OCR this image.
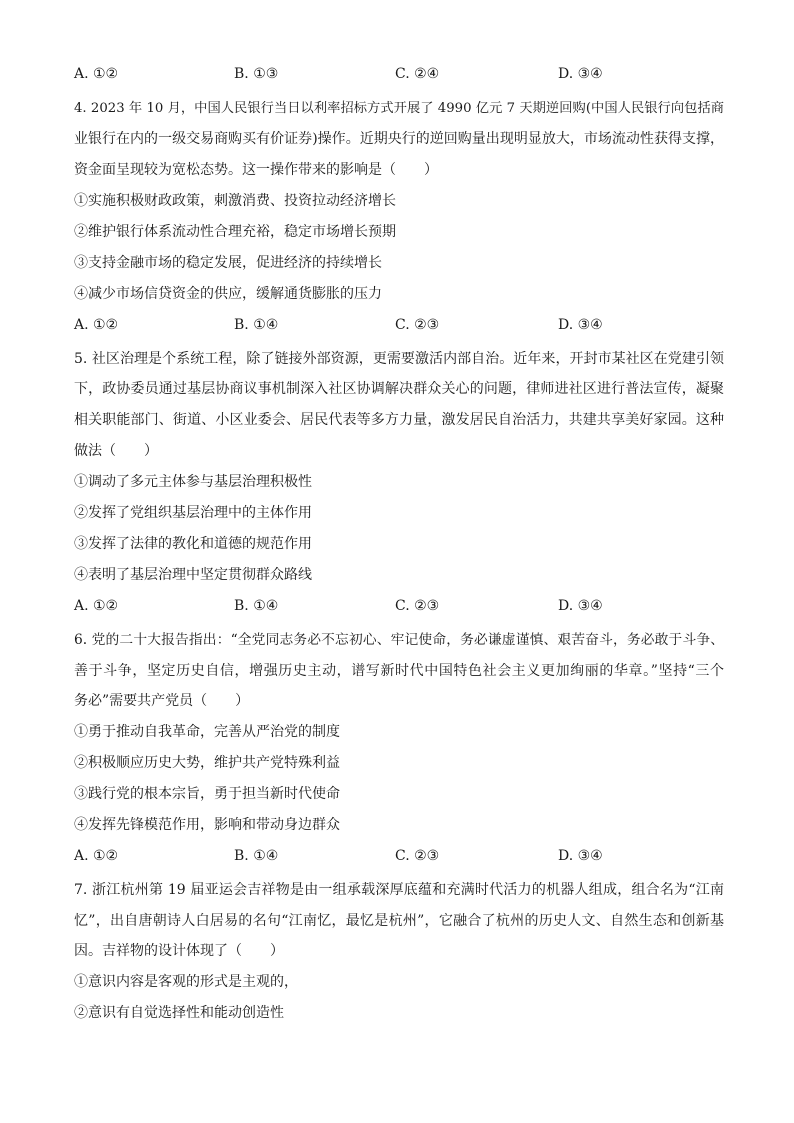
A. ①②	B. ①③	C. ②④	D. ③④
4. 2023 年 10 月，中国人民银行当日以利率招标方式开展了 4990 亿元 7 天期逆回购(中国人民银行向包括商
业银行在内的一级交易商购买有价证券)操作。近期央行的逆回购量出现明显放大，市场流动性获得支撑，
资金面呈现较为宽松态势。这一操作带来的影响是（　　）
①实施积极财政政策，刺激消费、投资拉动经济增长
②维护银行体系流动性合理充裕，稳定市场增长预期
③支持金融市场的稳定发展，促进经济的持续增长
④减少市场信贷资金的供应，缓解通货膨胀的压力
A. ①②	B. ①④	C. ②③	D. ③④
5. 社区治理是个系统工程，除了链接外部资源，更需要激活内部自治。近年来，开封市某社区在党建引领
下，政协委员通过基层协商议事机制深入社区协调解决群众关心的问题，律师进社区进行普法宣传，凝聚
相关职能部门、街道、小区业委会、居民代表等多方力量，激发居民自治活力，共建共享美好家园。这种
做法（　　）
①调动了多元主体参与基层治理积极性
②发挥了党组织基层治理中的主体作用
③发挥了法律的教化和道德的规范作用
④表明了基层治理中坚定贯彻群众路线
A. ①②	B. ①④	C. ②③	D. ③④
6. 党的二十大报告指出：“全党同志务必不忘初心、牢记使命，务必谦虚谨慎、艰苦奋斗，务必敢于斗争、
善于斗争，坚定历史自信，增强历史主动，谱写新时代中国特色社会主义更加绚丽的华章。”坚持“三个
务必”需要共产党员（　　）
①勇于推动自我革命，完善从严治党的制度
②积极顺应历史大势，维护共产党特殊利益
③践行党的根本宗旨，勇于担当新时代使命
④发挥先锋模范作用，影响和带动身边群众
A. ①②	B. ①④	C. ②③	D. ③④
7. 浙江杭州第 19 届亚运会吉祥物是由一组承载深厚底蕴和充满时代活力的机器人组成，组合名为“江南
忆”，出自唐朝诗人白居易的名句“江南忆，最忆是杭州”，它融合了杭州的历史人文、自然生态和创新基
因。吉祥物的设计体现了（　　）
①意识内容是客观的形式是主观的，
②意识有自觉选择性和能动创造性
